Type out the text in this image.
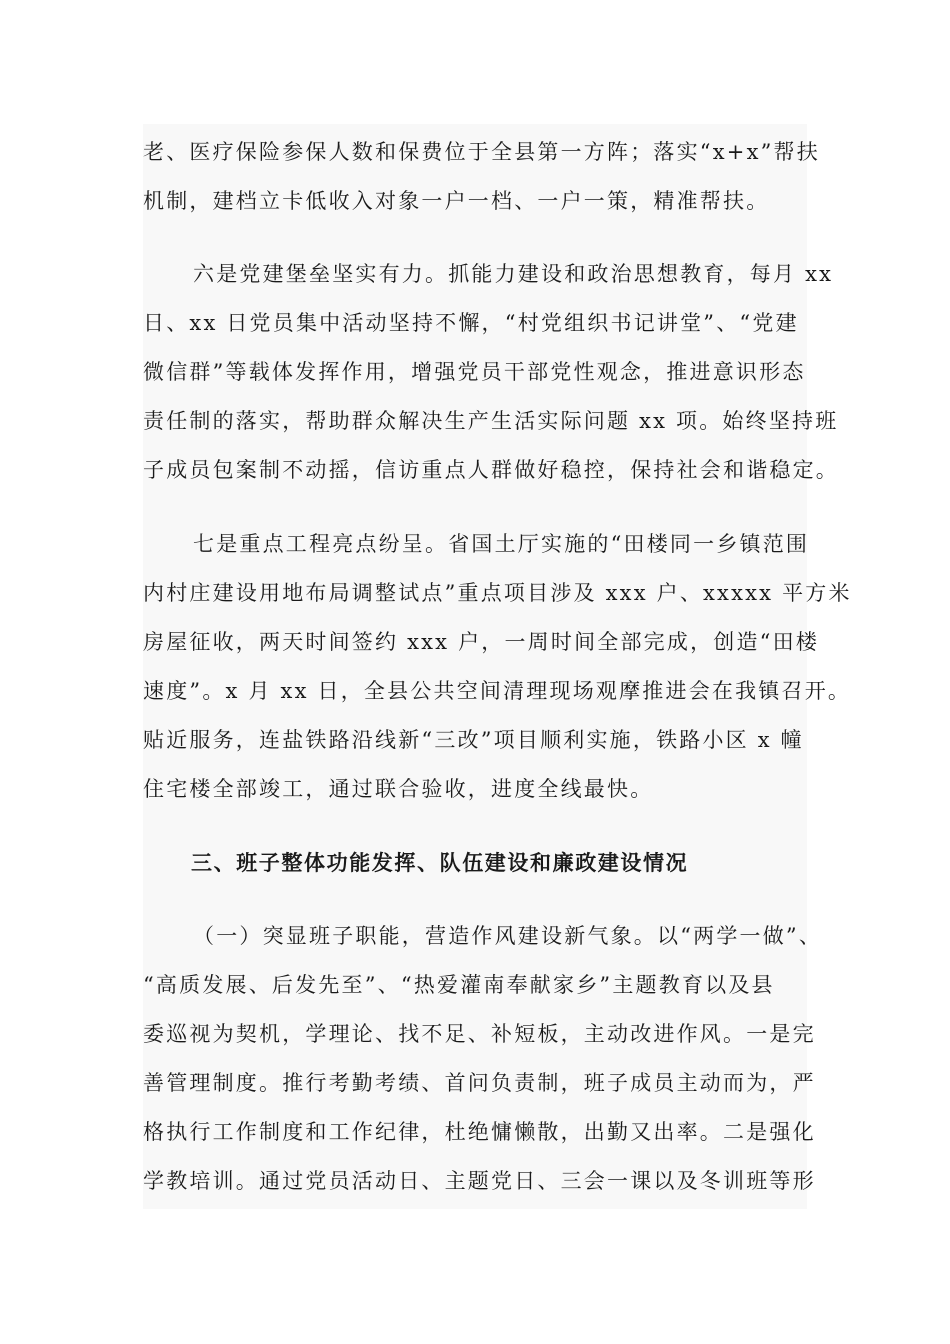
老、医疗保险参保人数和保费位于全县第一方阵；落实“x+x”帮扶
机制，建档立卡低收入对象一户一档、一户一策，精准帮扶。
六是党建堡垒坚实有力。抓能力建设和政治思想教育，每月 xx
日、xx 日党员集中活动坚持不懈，“村党组织书记讲堂”、“党建
微信群”等载体发挥作用，增强党员干部党性观念，推进意识形态
责任制的落实，帮助群众解决生产生活实际问题 xx 项。始终坚持班
子成员包案制不动摇，信访重点人群做好稳控，保持社会和谐稳定。
七是重点工程亮点纷呈。省国土厅实施的“田楼同一乡镇范围
内村庄建设用地布局调整试点”重点项目涉及 xxx 户、xxxxx 平方米
房屋征收，两天时间签约 xxx 户，一周时间全部完成，创造“田楼
速度”。x 月 xx 日，全县公共空间清理现场观摩推进会在我镇召开。
贴近服务，连盐铁路沿线新“三改”项目顺利实施，铁路小区 x 幢
住宅楼全部竣工，通过联合验收，进度全线最快。
三、班子整体功能发挥、队伍建设和廉政建设情况
（一）突显班子职能，营造作风建设新气象。以“两学一做”、
“高质发展、后发先至”、“热爱灌南奉献家乡”主题教育以及县
委巡视为契机，学理论、找不足、补短板，主动改进作风。一是完
善管理制度。推行考勤考绩、首问负责制，班子成员主动而为，严
格执行工作制度和工作纪律，杜绝慵懒散，出勤又出率。二是强化
学教培训。通过党员活动日、主题党日、三会一课以及冬训班等形
